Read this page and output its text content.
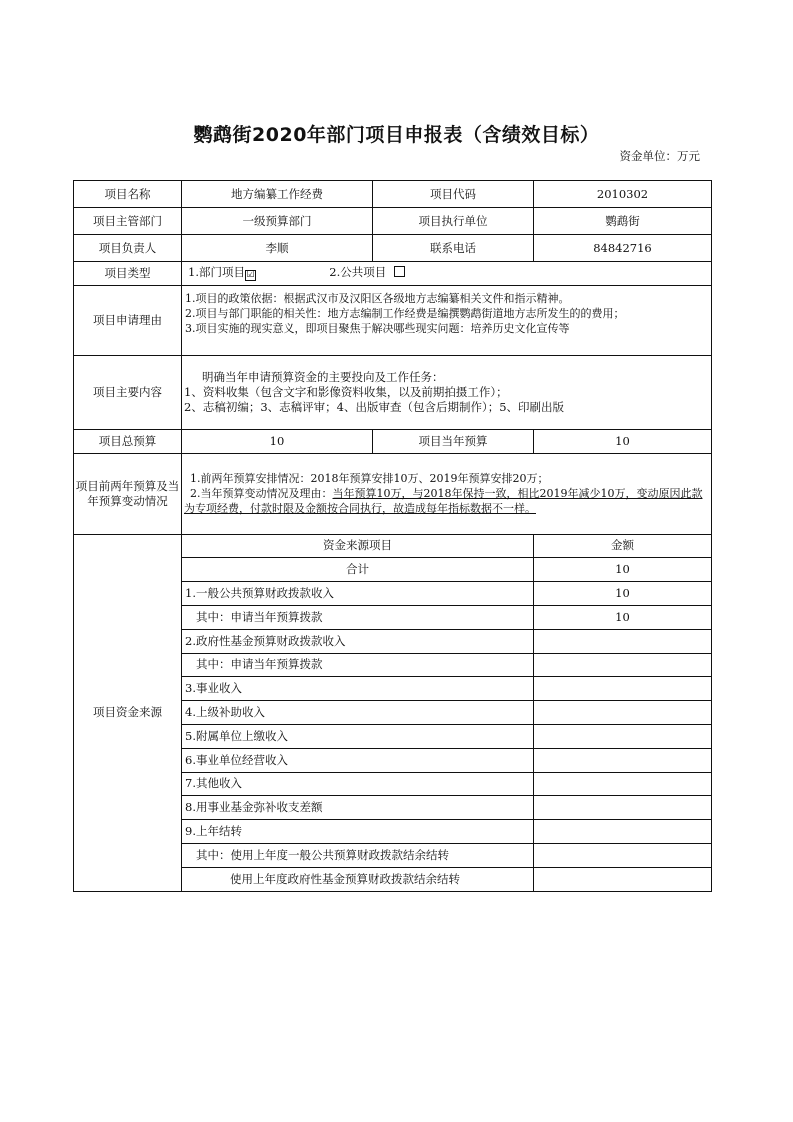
鹦鹉街2020年部门项目申报表（含绩效目标）
资金单位：万元
项目名称	地方编纂工作经费	项目代码	2010302
项目主管部门	一级预算部门	项目执行单位	鹦鹉街
项目负责人	李顺	联系电话	84842716
项目类型	1.部门项目☑ 2.公共项目		
项目申请理由	1.项目的政策依据：根据武汉市及汉阳区各级地方志编纂相关文件和指示精神。
2.项目与部门职能的相关性：地方志编制工作经费是编撰鹦鹉街道地方志所发生的的费用；
3.项目实施的现实意义，即项目聚焦于解决哪些现实问题：培养历史文化宣传等		

项目主要内容	明确当年申请预算资金的主要投向及工作任务：
1、资料收集（包含文字和影像资料收集，以及前期拍摄工作）；
2、志稿初编；3、志稿评审；4、出版审查（包含后期制作）；5、印刷出版		

项目总预算	10	项目当年预算	10
项目前两年预算及当年预算变动情况	1.前两年预算安排情况：2018年预算安排10万、2019年预算安排20万；
2.当年预算变动情况及理由：当年预算10万，与2018年保持一致，相比2019年减少10万，变动原因此款为专项经费，付款时限及金额按合同执行，故造成每年指标数据不一样。		

项目资金来源	资金来源项目		金额
	合计		10
	1.一般公共预算财政拨款收入		10
	其中：申请当年预算拨款		10
	2.政府性基金预算财政拨款收入		
	其中：申请当年预算拨款		
	3.事业收入		
	4.上级补助收入		
	5.附属单位上缴收入		
	6.事业单位经营收入		
	7.其他收入		
	8.用事业基金弥补收支差额		
	9.上年结转		
	其中：使用上年度一般公共预算财政拨款结余结转		
	使用上年度政府性基金预算财政拨款结余结转		
